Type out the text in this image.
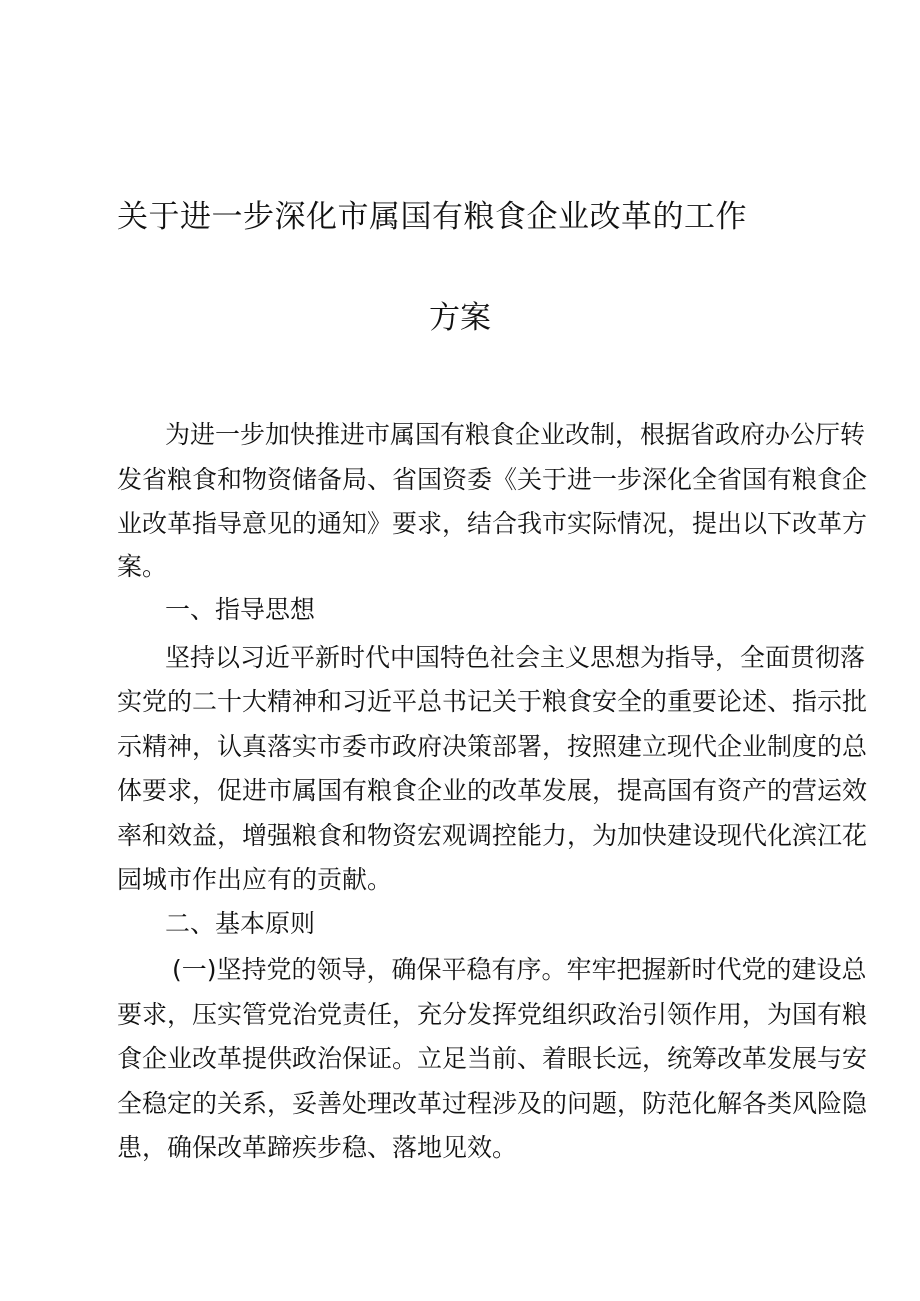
关于进一步深化市属国有粮食企业改革的工作
方案
为进一步加快推进市属国有粮食企业改制，根据省政府办公厅转
发省粮食和物资储备局、省国资委《关于进一步深化全省国有粮食企
业改革指导意见的通知》要求，结合我市实际情况，提出以下改革方
案。
一、指导思想
坚持以习近平新时代中国特色社会主义思想为指导，全面贯彻落
实党的二十大精神和习近平总书记关于粮食安全的重要论述、指示批
示精神，认真落实市委市政府决策部署，按照建立现代企业制度的总
体要求，促进市属国有粮食企业的改革发展，提高国有资产的营运效
率和效益，增强粮食和物资宏观调控能力，为加快建设现代化滨江花
园城市作出应有的贡献。
二、基本原则
(一)坚持党的领导，确保平稳有序。牢牢把握新时代党的建设总
要求，压实管党治党责任，充分发挥党组织政治引领作用，为国有粮
食企业改革提供政治保证。立足当前、着眼长远，统筹改革发展与安
全稳定的关系，妥善处理改革过程涉及的问题，防范化解各类风险隐
患，确保改革蹄疾步稳、落地见效。
